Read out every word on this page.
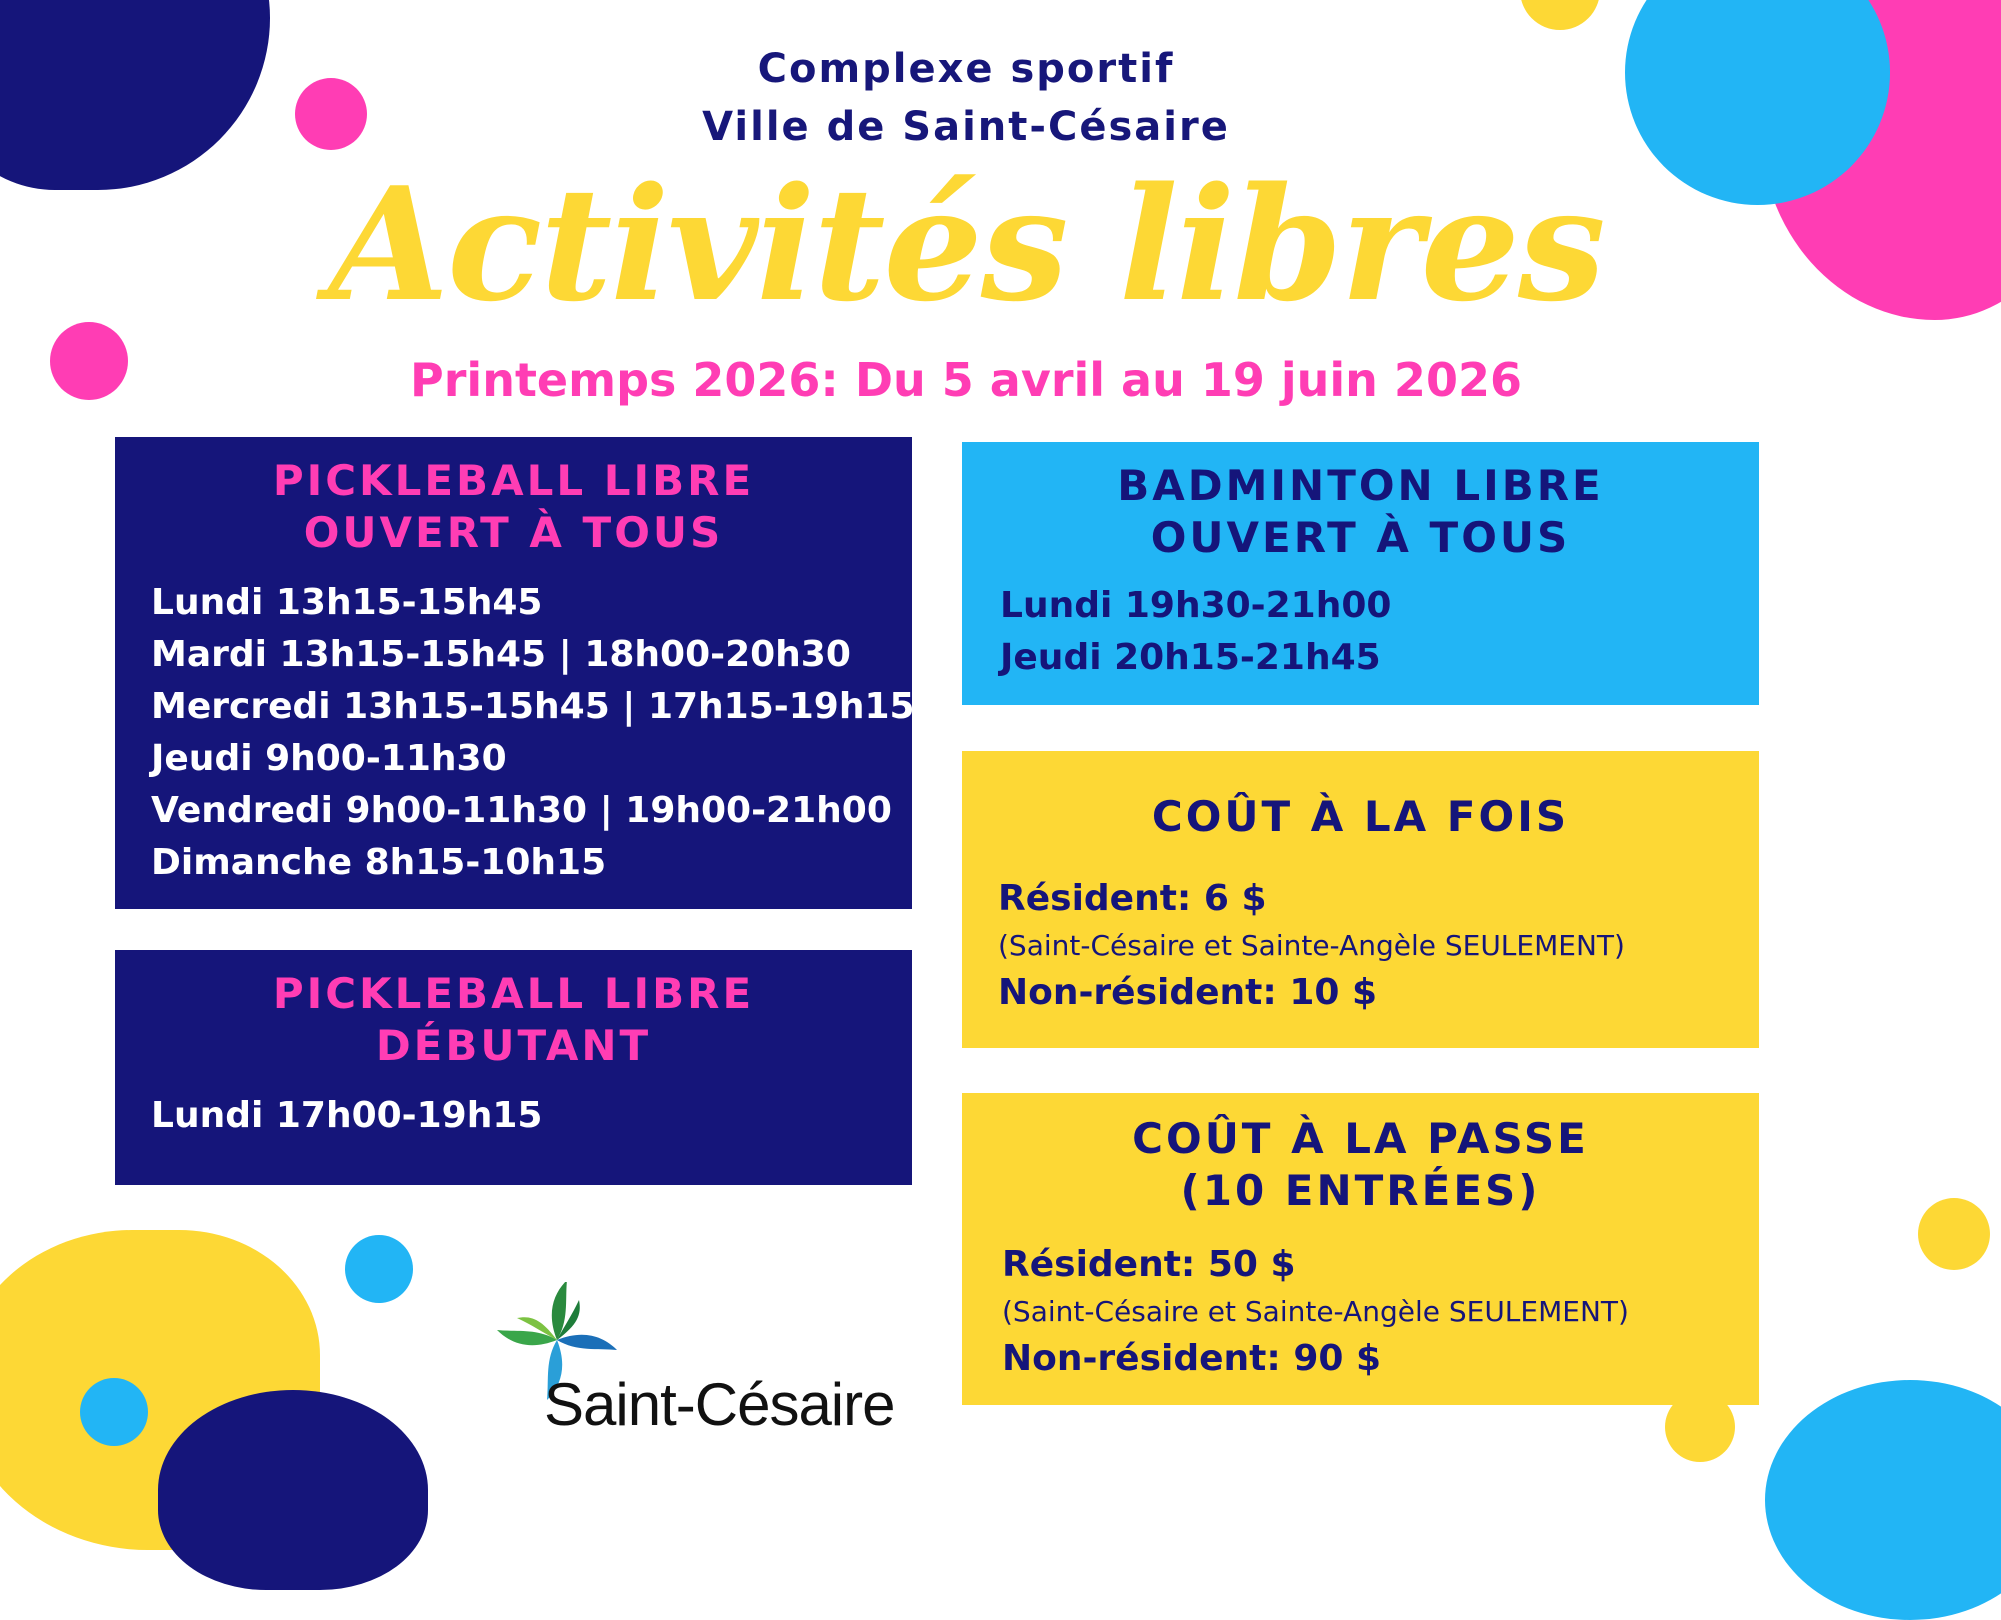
Complexe sportif
Ville de Saint-Césaire
Activités libres
Printemps 2026: Du 5 avril au 19 juin 2026
PICKLEBALL LIBRE
OUVERT À TOUS
Lundi 13h15-15h45
Mardi 13h15-15h45 | 18h00-20h30
Mercredi 13h15-15h45 | 17h15-19h15
Jeudi 9h00-11h30
Vendredi 9h00-11h30 | 19h00-21h00
Dimanche 8h15-10h15
PICKLEBALL LIBRE
DÉBUTANT
Lundi 17h00-19h15
BADMINTON LIBRE
OUVERT À TOUS
Lundi 19h30-21h00
Jeudi 20h15-21h45
COÛT À LA FOIS
Résident: 6 $
(Saint-Césaire et Sainte-Angèle SEULEMENT)
Non-résident: 10 $
COÛT À LA PASSE
(10 ENTRÉES)
Résident: 50 $
(Saint-Césaire et Sainte-Angèle SEULEMENT)
Non-résident: 90 $
Saint-Césaire
